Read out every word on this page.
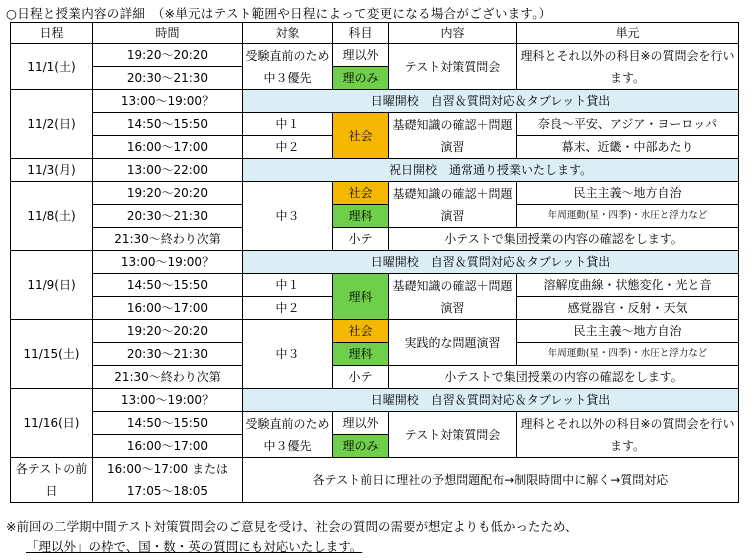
○日程と授業内容の詳細　（※単元はテスト範囲や日程によって変更になる場合がございます。）
日程	時間	対象	科目	内容	単元
11/1(土)	19:20〜20:20	受験直前のため中３優先	理以外	テスト対策質問会	理科とそれ以外の科目※の質問会を行います。
	20:30〜21:30		理のみ		
11/2(日)	13:00〜19:00？	日曜開校　自習＆質問対応＆タブレット貸出			
	14:50〜15:50	中１	社会	基礎知識の確認＋問題演習	奈良〜平安、アジア・ヨーロッパ
	16:00〜17:00	中２			幕末、近畿・中部あたり
11/3(月)	13:00〜22:00	祝日開校　通常通り授業いたします。			
11/8(土)	19:20〜20:20	中３	社会	基礎知識の確認＋問題演習	民主主義〜地方自治
	20:30〜21:30		理科		年周運動(星・四季)・水圧と浮力など
	21:30〜終わり次第		小テ	小テストで集団授業の内容の確認をします。	
11/9(日)	13:00〜19:00？	日曜開校　自習＆質問対応＆タブレット貸出			
	14:50〜15:50	中１	理科	基礎知識の確認＋問題演習	溶解度曲線・状態変化・光と音
	16:00〜17:00	中２			感覚器官・反射・天気
11/15(土)	19:20〜20:20	中３	社会	実践的な問題演習	民主主義〜地方自治
	20:30〜21:30		理科		年周運動(星・四季)・水圧と浮力など
	21:30〜終わり次第		小テ	小テストで集団授業の内容の確認をします。	
11/16(日)	13:00〜19:00？	日曜開校　自習＆質問対応＆タブレット貸出			
	14:50〜15:50	受験直前のため中３優先	理以外	テスト対策質問会	理科とそれ以外の科目※の質問会を行います。
	16:00〜17:00		理のみ		
各テストの前日	16:00〜17:00 または 17:05〜18:05	各テスト前日に理社の予想問題配布→制限時間中に解く→質問対応			
※前回の二学期中間テスト対策質問会のご意見を受け、社会の質問の需要が想定よりも低かったため、
「理以外」の枠で、国・数・英の質問にも対応いたします。
